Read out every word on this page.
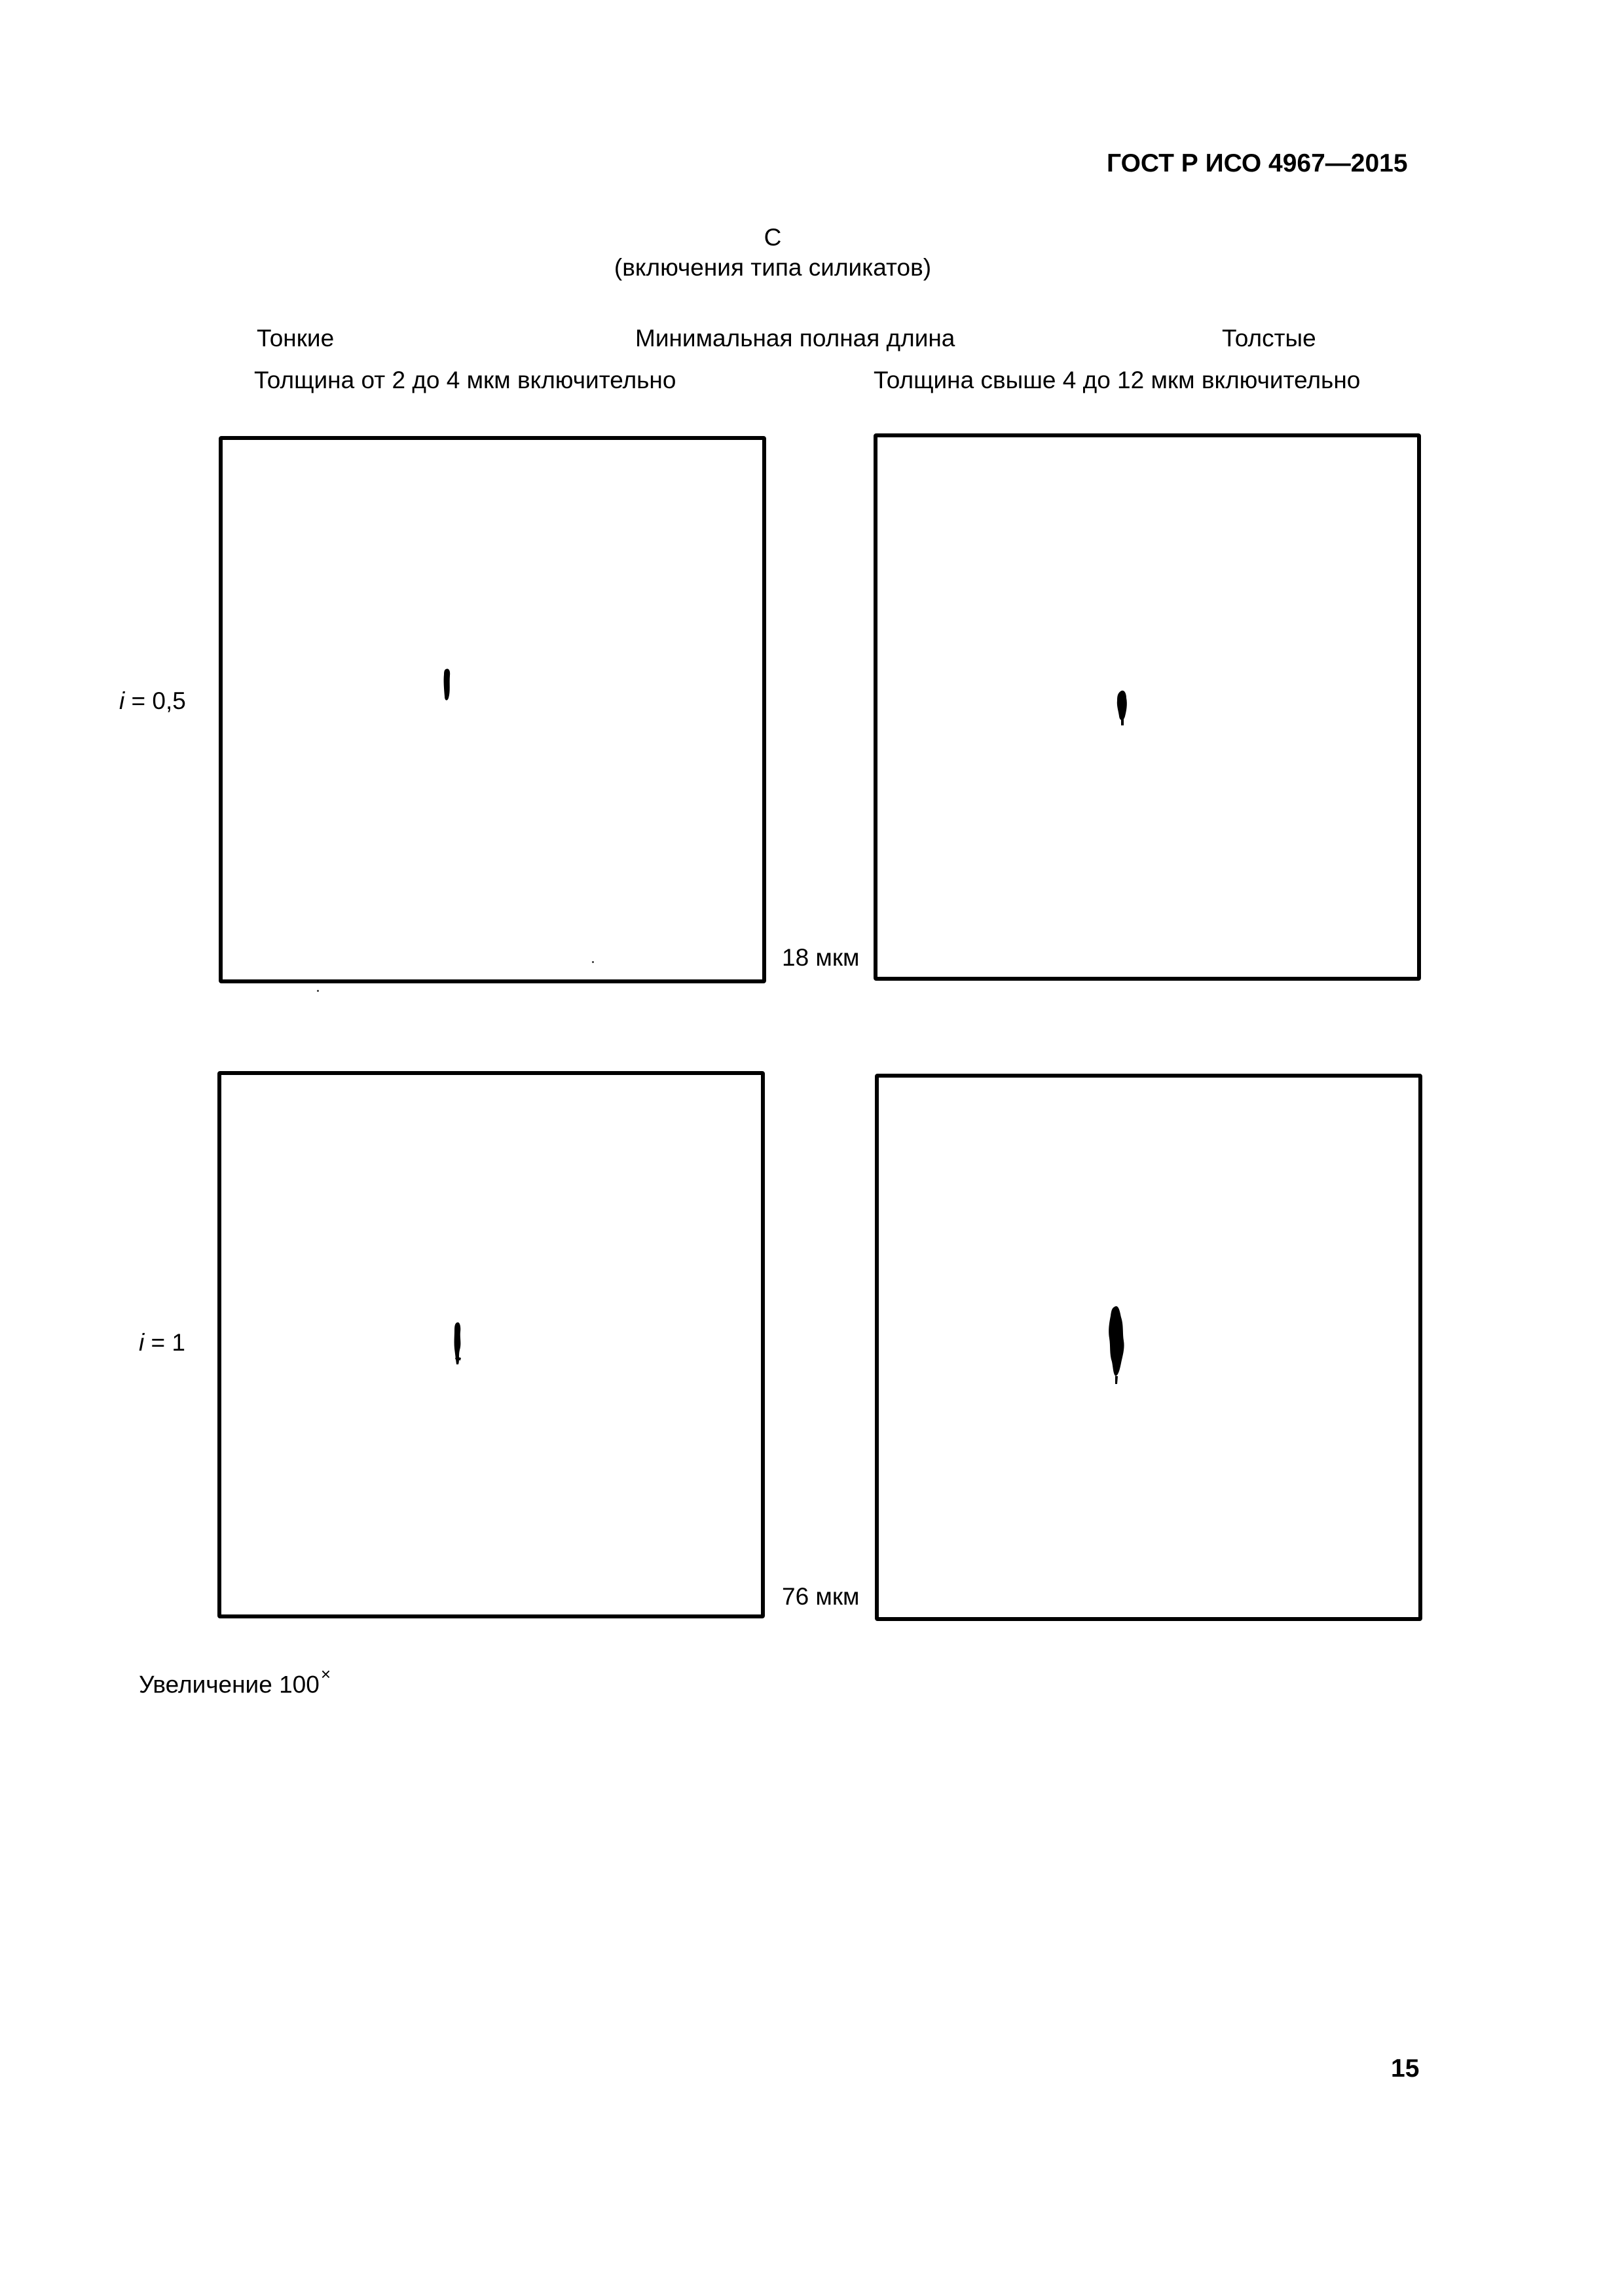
ГОСТ Р ИСО 4967—2015
С
(включения типа силикатов)
Тонкие	Минимальная полная длина	Толстые
Толщина от 2 до 4 мкм включительно	Толщина свыше 4 до 12 мкм включительно
i = 0,5
18 мкм
i = 1
76 мкм
Увеличение 100×
15
